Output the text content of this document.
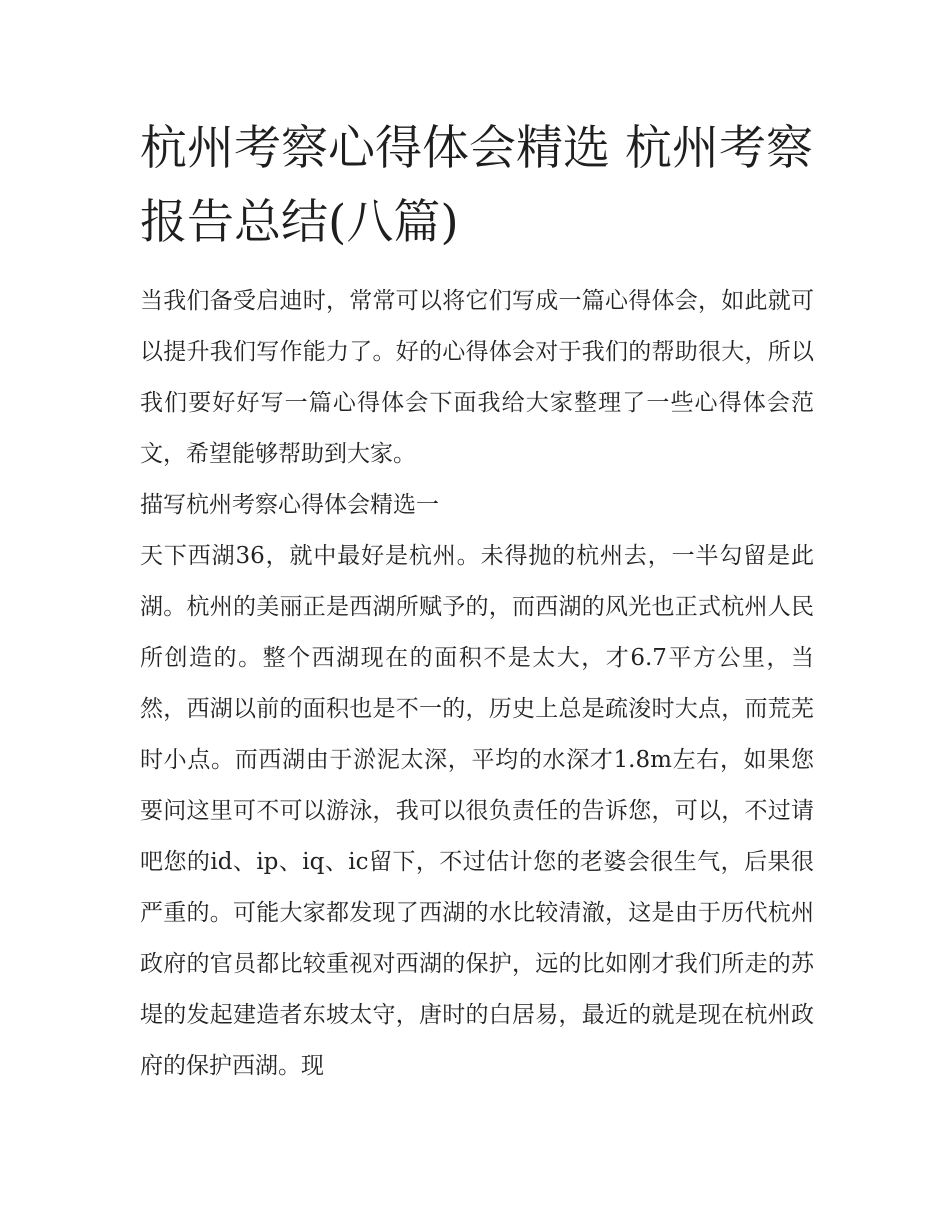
杭州考察心得体会精选 杭州考察报告总结(八篇)

当我们备受启迪时，常常可以将它们写成一篇心得体会，如此就可以提升我们写作能力了。好的心得体会对于我们的帮助很大，所以我们要好好写一篇心得体会下面我给大家整理了一些心得体会范文，希望能够帮助到大家。

描写杭州考察心得体会精选一

天下西湖36，就中最好是杭州。未得抛的杭州去，一半勾留是此湖。杭州的美丽正是西湖所赋予的，而西湖的风光也正式杭州人民所创造的。整个西湖现在的面积不是太大，才6.7平方公里，当然，西湖以前的面积也是不一的，历史上总是疏浚时大点，而荒芜时小点。而西湖由于淤泥太深，平均的水深才1.8m左右，如果您要问这里可不可以游泳，我可以很负责任的告诉您，可以，不过请吧您的id、ip、iq、ic留下，不过估计您的老婆会很生气，后果很严重的。可能大家都发现了西湖的水比较清澈，这是由于历代杭州政府的官员都比较重视对西湖的保护，远的比如刚才我们所走的苏堤的发起建造者东坡太守，唐时的白居易，最近的就是现在杭州政府的保护西湖。现
